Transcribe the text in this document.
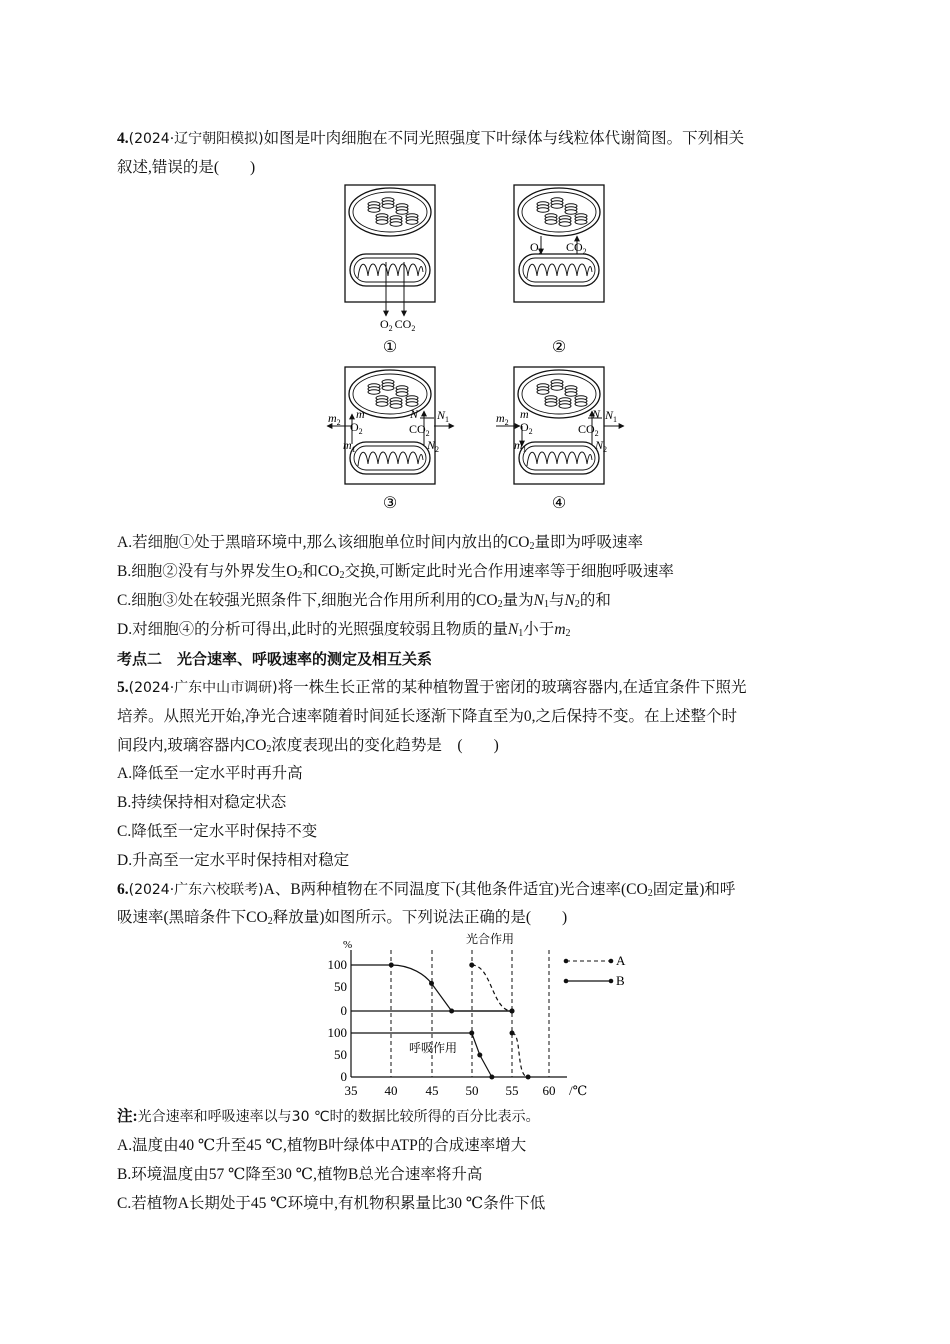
4.(2024·辽宁朝阳模拟)如图是叶肉细胞在不同光照强度下叶绿体与线粒体代谢简图。下列相关
叙述,错误的是(　　)
$O_2$ $CO_2$
①
$O_2$ $CO_2$
②
$m_2$
m
$O_2$
$m_1$
N $N_1$
$CO_2$
$N_2$
③
$m_2$
m
$O_2$
$m_1$
N $N_1$
$CO_2$
$N_2$
④
A.若细胞①处于黑暗环境中,那么该细胞单位时间内放出的$CO_2$量即为呼吸速率
B.细胞②没有与外界发生$O_2$和$CO_2$交换,可断定此时光合作用速率等于细胞呼吸速率
C.细胞③处在较强光照条件下,细胞光合作用所利用的$CO_2$量为$N_1$与$N_2$的和
D.对细胞④的分析可得出,此时的光照强度较弱且物质的量$N_1$小于$m_2$
考点二　光合速率、呼吸速率的测定及相互关系
5.(2024·广东中山市调研)将一株生长正常的某种植物置于密闭的玻璃容器内,在适宜条件下照光
培养。从照光开始,净光合速率随着时间延长逐渐下降直至为0,之后保持不变。在上述整个时
间段内,玻璃容器内$CO_2$浓度表现出的变化趋势是　(　　)
A.降低至一定水平时再升高
B.持续保持相对稳定状态
C.降低至一定水平时保持不变
D.升高至一定水平时保持相对稳定
6.(2024·广东六校联考)A、B两种植物在不同温度下(其他条件适宜)光合速率($CO_2$固定量)和呼
吸速率(黑暗条件下$CO_2$释放量)如图所示。下列说法正确的是(　　)
%
/℃
100
50
0
100
50
0
35 40 45 50 55 60
光合作用
呼吸作用
A
B
注:光合速率和呼吸速率以与30 ℃时的数据比较所得的百分比表示。
A.温度由40 ℃升至45 ℃,植物B叶绿体中ATP的合成速率增大
B.环境温度由57 ℃降至30 ℃,植物B总光合速率将升高
C.若植物A长期处于45 ℃环境中,有机物积累量比30 ℃条件下低
